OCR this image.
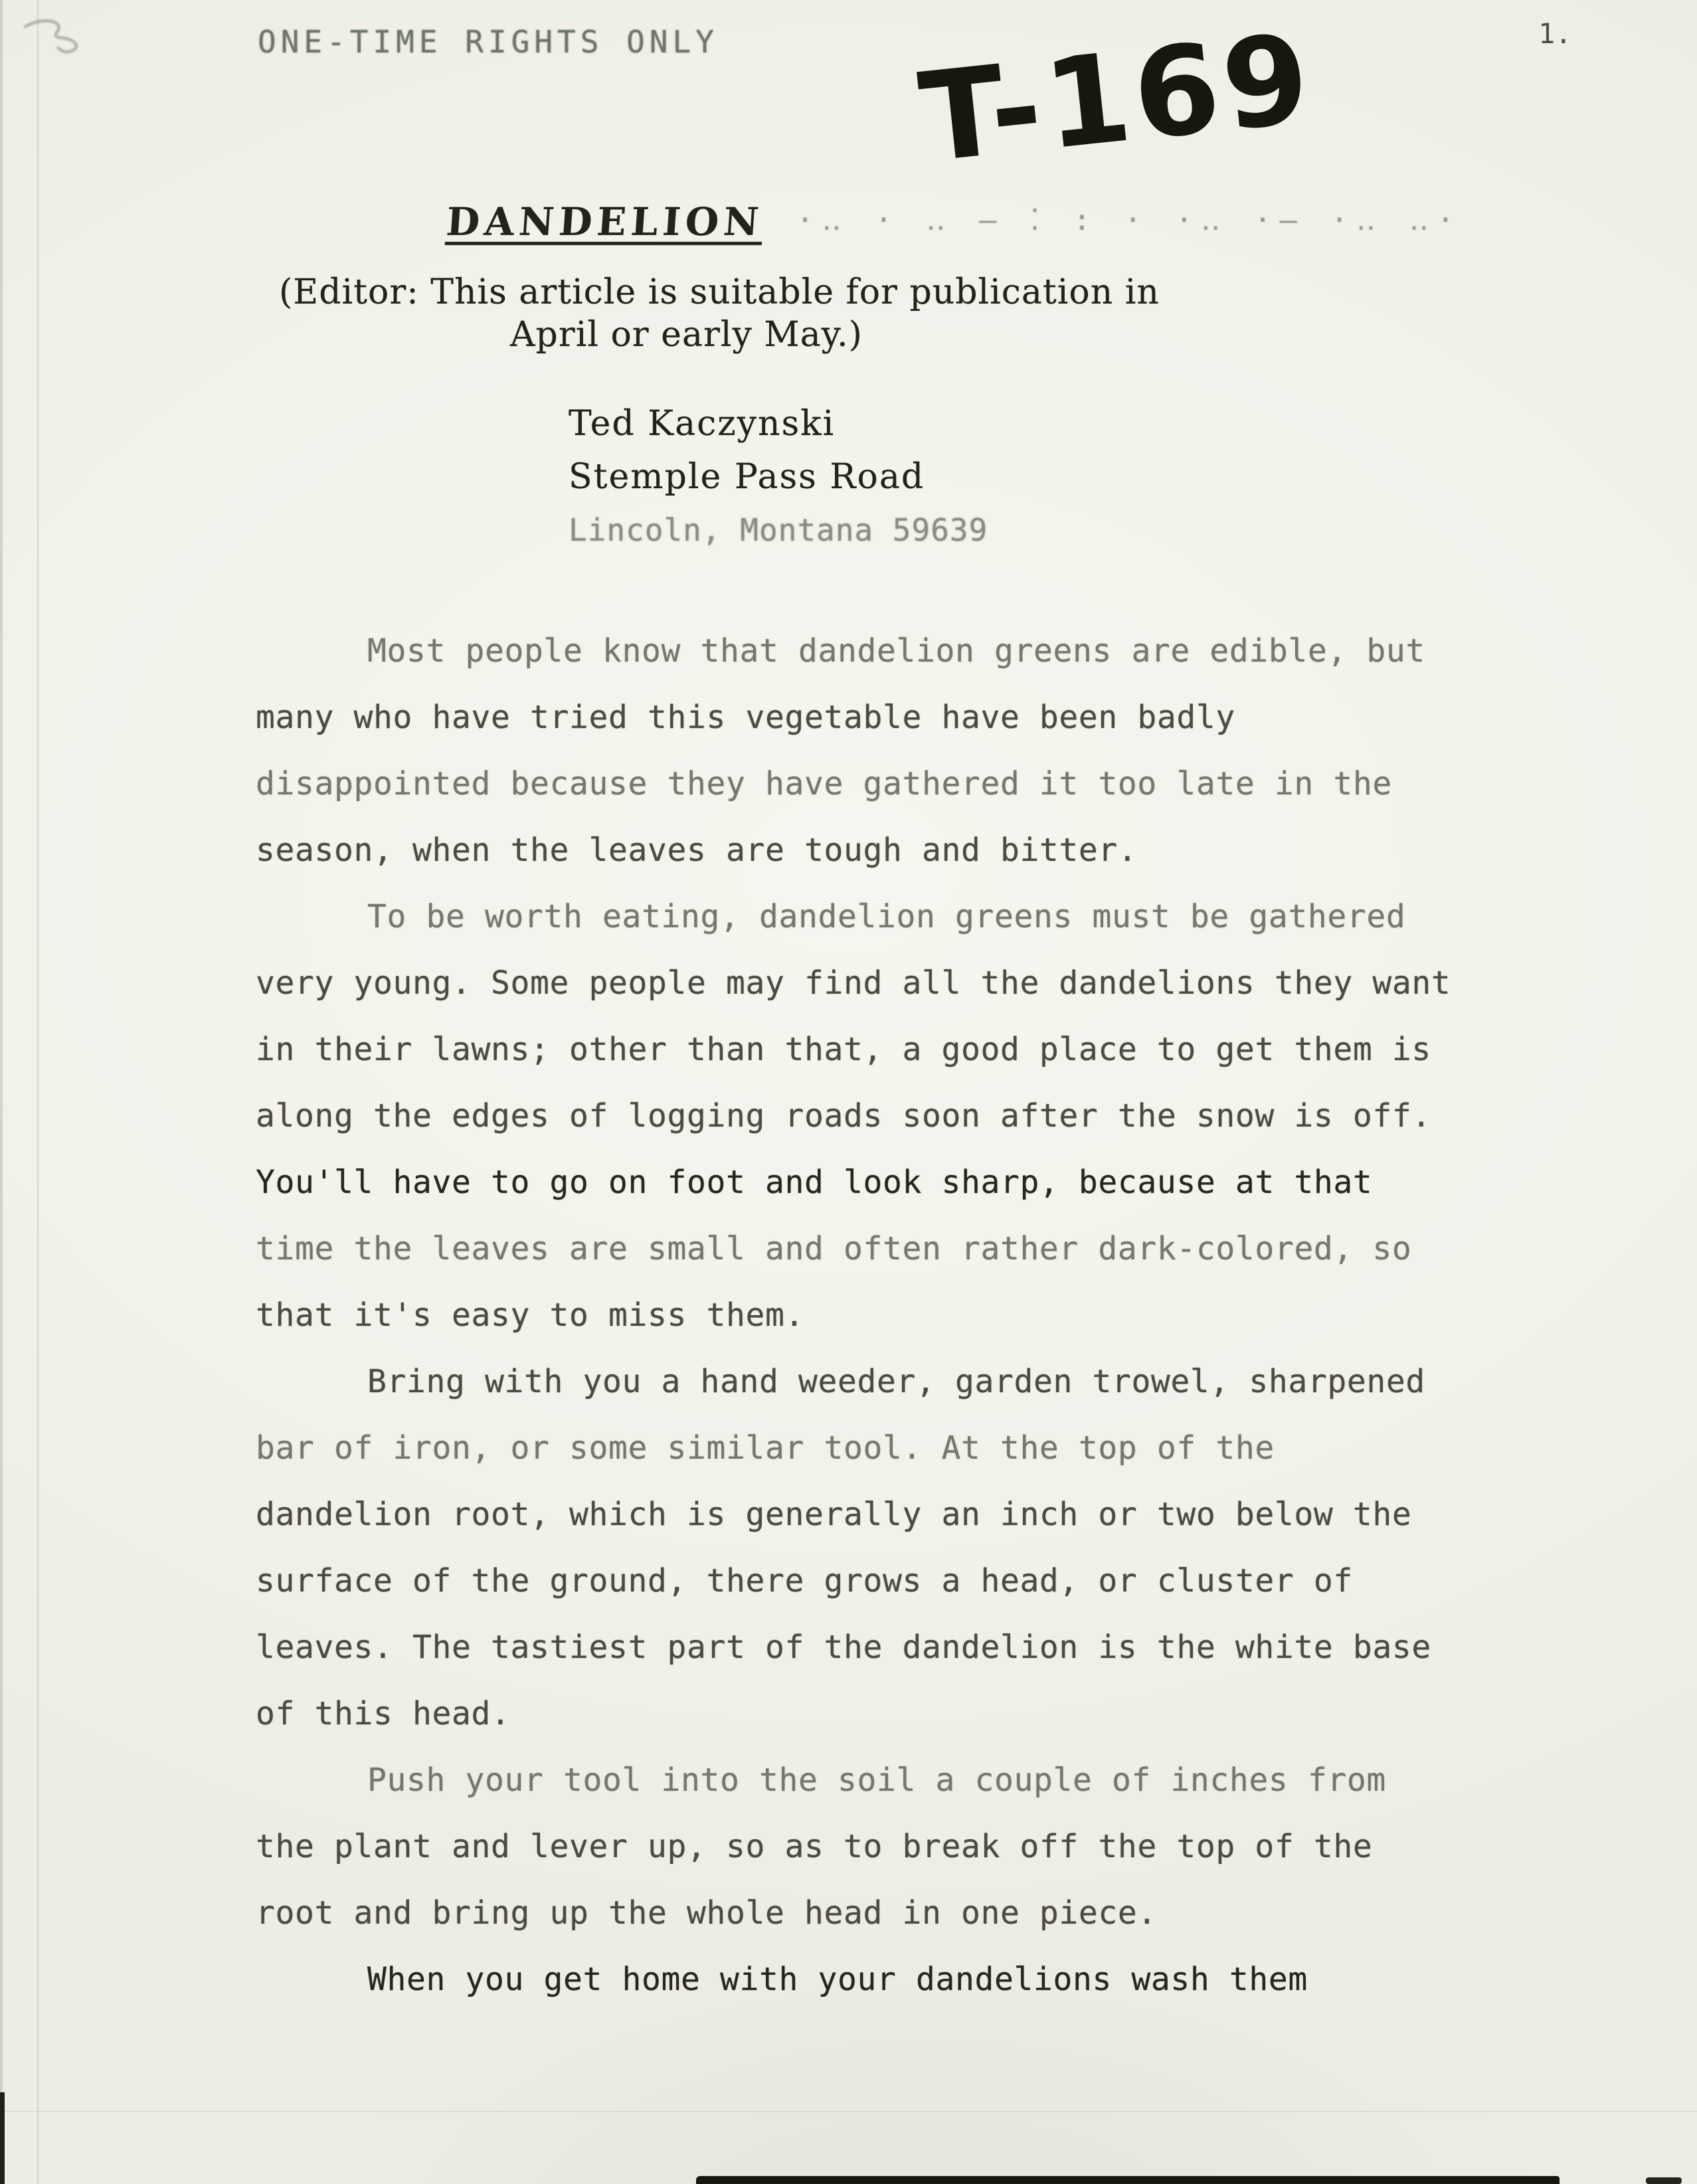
ONE-TIME RIGHTS ONLY	1.
T-169
DANDELION ·‥ · ‥ — ⁚ : · ·‥ ·— ·‥ ‥·
(Editor: This article is suitable for publication in
April or early May.)
Ted Kaczynski
Stemple Pass Road
Lincoln, Montana 59639
Most people know that dandelion greens are edible, but
many who have tried this vegetable have been badly
disappointed because they have gathered it too late in the
season, when the leaves are tough and bitter.
To be worth eating, dandelion greens must be gathered
very young. Some people may find all the dandelions they want
in their lawns; other than that, a good place to get them is
along the edges of logging roads soon after the snow is off.
You'll have to go on foot and look sharp, because at that
time the leaves are small and often rather dark-colored, so
that it's easy to miss them.
Bring with you a hand weeder, garden trowel, sharpened
bar of iron, or some similar tool. At the top of the
dandelion root, which is generally an inch or two below the
surface of the ground, there grows a head, or cluster of
leaves. The tastiest part of the dandelion is the white base
of this head.
Push your tool into the soil a couple of inches from
the plant and lever up, so as to break off the top of the
root and bring up the whole head in one piece.
When you get home with your dandelions wash them
